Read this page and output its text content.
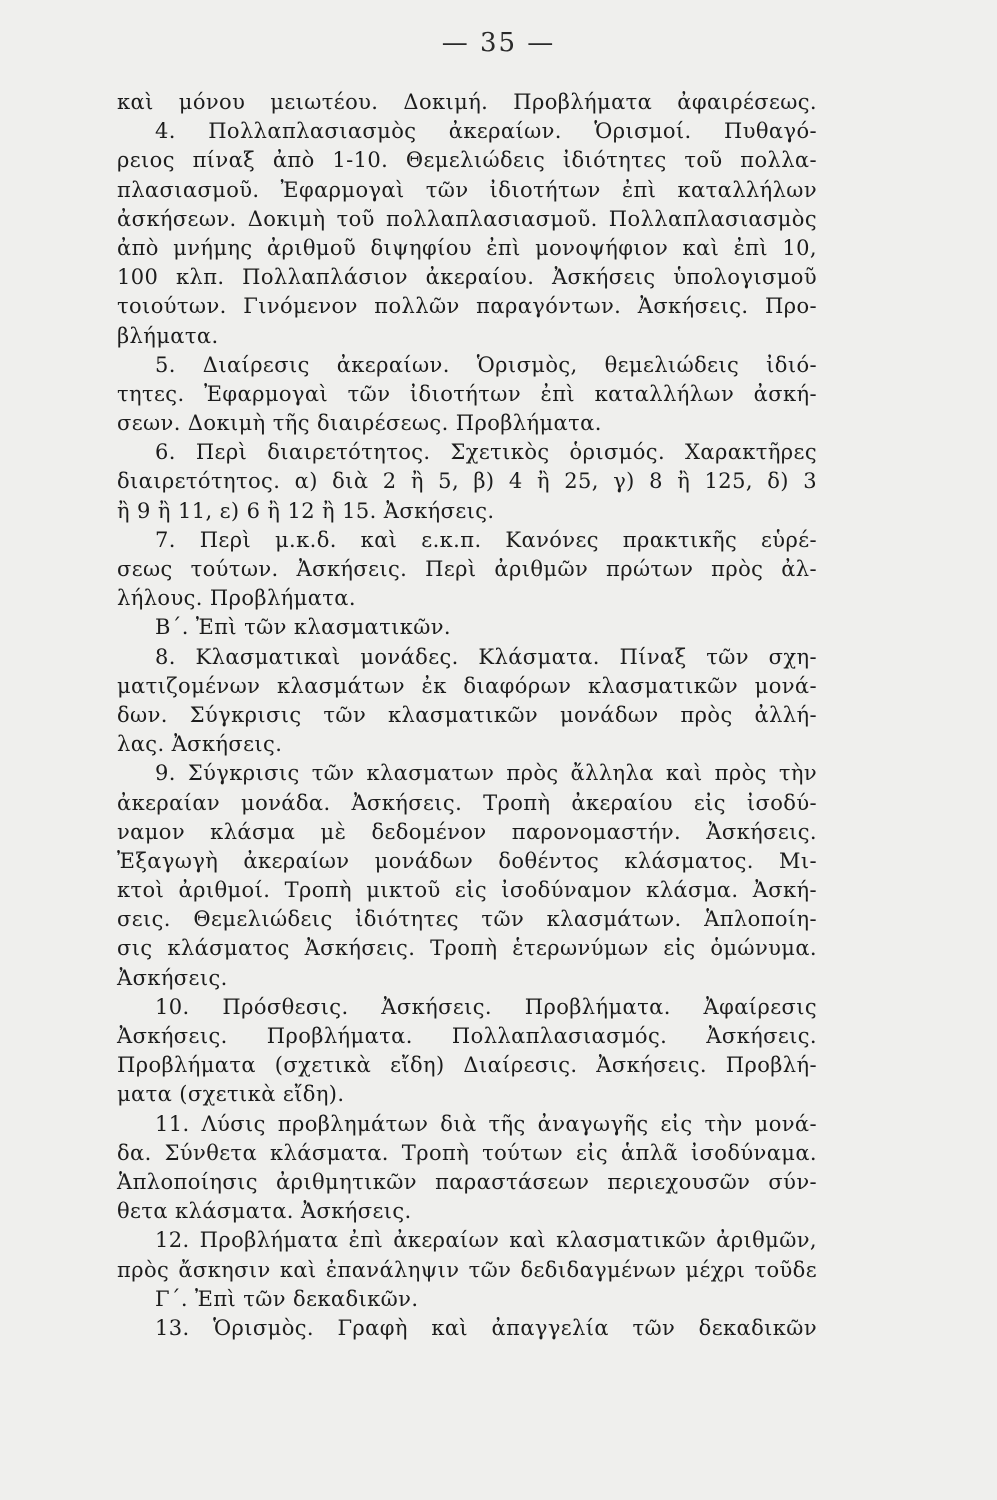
— 35 —
καὶ μόνου μειωτέου. Δοκιμή. Προβλήματα ἀφαιρέσεως.
4. Πολλαπλασιασμὸς ἀκεραίων. Ὁρισμοί. Πυθαγό-
ρειος πίναξ ἀπὸ 1-10. Θεμελιώδεις ἰδιότητες τοῦ πολλα-
πλασιασμοῦ. Ἐφαρμογαὶ τῶν ἰδιοτήτων ἐπὶ καταλλήλων
ἀσκήσεων. Δοκιμὴ τοῦ πολλαπλασιασμοῦ. Πολλαπλασιασμὸς
ἀπὸ μνήμης ἀριθμοῦ διψηφίου ἐπὶ μονοψήφιον καὶ ἐπὶ 10,
100 κλπ. Πολλαπλάσιον ἀκεραίου. Ἀσκήσεις ὑπολογισμοῦ
τοιούτων. Γινόμενον πολλῶν παραγόντων. Ἀσκήσεις. Προ-
βλήματα.
5. Διαίρεσις ἀκεραίων. Ὁρισμὸς, θεμελιώδεις ἰδιό-
τητες. Ἐφαρμογαὶ τῶν ἰδιοτήτων ἐπὶ καταλλήλων ἀσκή-
σεων. Δοκιμὴ τῆς διαιρέσεως. Προβλήματα.
6. Περὶ διαιρετότητος. Σχετικὸς ὁρισμός. Χαρακτῆρες
διαιρετότητος. α) διὰ 2 ἢ 5, β) 4 ἢ 25, γ) 8 ἢ 125, δ) 3
ἢ 9 ἢ 11, ε) 6 ἢ 12 ἢ 15. Ἀσκήσεις.
7. Περὶ μ.κ.δ. καὶ ε.κ.π. Κανόνες πρακτικῆς εὑρέ-
σεως τούτων. Ἀσκήσεις. Περὶ ἀριθμῶν πρώτων πρὸς ἀλ-
λήλους. Προβλήματα.
Β΄. Ἐπὶ τῶν κλασματικῶν.
8. Κλασματικαὶ μονάδες. Κλάσματα. Πίναξ τῶν σχη-
ματιζομένων κλασμάτων ἐκ διαφόρων κλασματικῶν μονά-
δων. Σύγκρισις τῶν κλασματικῶν μονάδων πρὸς ἀλλή-
λας. Ἀσκήσεις.
9. Σύγκρισις τῶν κλασματων πρὸς ἄλληλα καὶ πρὸς τὴν
ἀκεραίαν μονάδα. Ἀσκήσεις. Τροπὴ ἀκεραίου εἰς ἰσοδύ-
ναμον κλάσμα μὲ δεδομένον παρονομαστήν. Ἀσκήσεις.
Ἐξαγωγὴ ἀκεραίων μονάδων δοθέντος κλάσματος. Μι-
κτοὶ ἀριθμοί. Τροπὴ μικτοῦ εἰς ἰσοδύναμον κλάσμα. Ἀσκή-
σεις. Θεμελιώδεις ἰδιότητες τῶν κλασμάτων. Ἁπλοποίη-
σις κλάσματος Ἀσκήσεις. Τροπὴ ἑτερωνύμων εἰς ὁμώνυμα.
Ἀσκήσεις.
10. Πρόσθεσις. Ἀσκήσεις. Προβλήματα. Ἀφαίρεσις
Ἀσκήσεις. Προβλήματα. Πολλαπλασιασμός. Ἀσκήσεις.
Προβλήματα (σχετικὰ εἴδη) Διαίρεσις. Ἀσκήσεις. Προβλή-
ματα (σχετικὰ εἴδη).
11. Λύσις προβλημάτων διὰ τῆς ἀναγωγῆς εἰς τὴν μονά-
δα. Σύνθετα κλάσματα. Τροπὴ τούτων εἰς ἁπλᾶ ἰσοδύναμα.
Ἁπλοποίησις ἀριθμητικῶν παραστάσεων περιεχουσῶν σύν-
θετα κλάσματα. Ἀσκήσεις.
12. Προβλήματα ἐπὶ ἀκεραίων καὶ κλασματικῶν ἀριθμῶν,
πρὸς ἄσκησιν καὶ ἐπανάληψιν τῶν δεδιδαγμένων μέχρι τοῦδε
Γ΄. Ἐπὶ τῶν δεκαδικῶν.
13. Ὁρισμὸς. Γραφὴ καὶ ἀπαγγελία τῶν δεκαδικῶν
